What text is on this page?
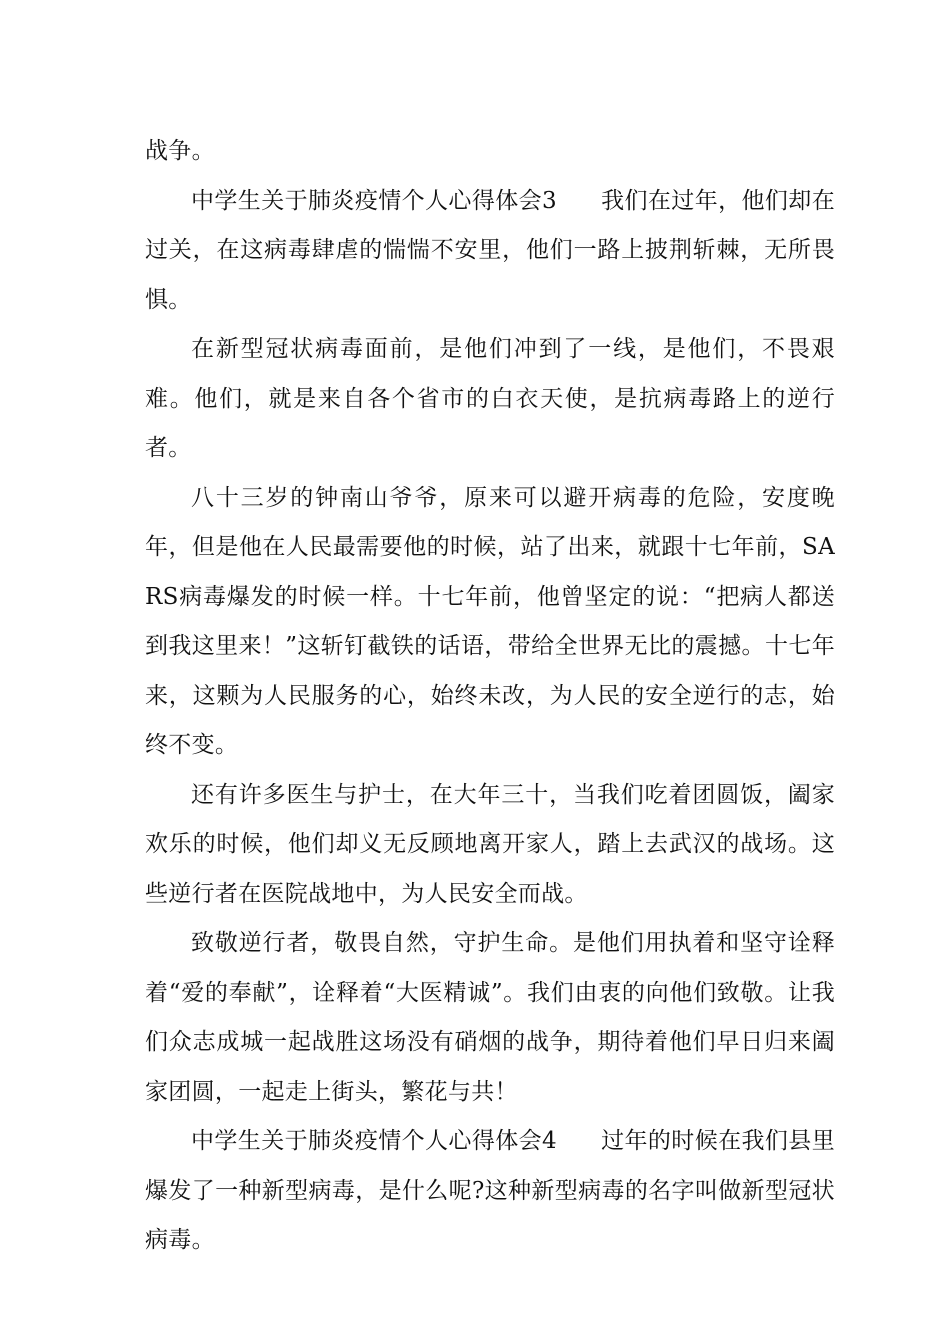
战争。

中学生关于肺炎疫情个人心得体会3 我们在过年，他们却在过关，在这病毒肆虐的惴惴不安里，他们一路上披荆斩棘，无所畏惧。

在新型冠状病毒面前，是他们冲到了一线，是他们，不畏艰难。他们，就是来自各个省市的白衣天使，是抗病毒路上的逆行者。

八十三岁的钟南山爷爷，原来可以避开病毒的危险，安度晚年，但是他在人民最需要他的时候，站了出来，就跟十七年前，SARS病毒爆发的时候一样。十七年前，他曾坚定的说：“把病人都送到我这里来！”这斩钉截铁的话语，带给全世界无比的震撼。十七年来，这颗为人民服务的心，始终未改，为人民的安全逆行的志，始终不变。

还有许多医生与护士，在大年三十，当我们吃着团圆饭，阖家欢乐的时候，他们却义无反顾地离开家人，踏上去武汉的战场。这些逆行者在医院战地中，为人民安全而战。

致敬逆行者，敬畏自然，守护生命。是他们用执着和坚守诠释着“爱的奉献”，诠释着“大医精诚”。我们由衷的向他们致敬。让我们众志成城一起战胜这场没有硝烟的战争，期待着他们早日归来阖家团圆，一起走上街头，繁花与共！

中学生关于肺炎疫情个人心得体会4 过年的时候在我们县里爆发了一种新型病毒，是什么呢?这种新型病毒的名字叫做新型冠状病毒。
